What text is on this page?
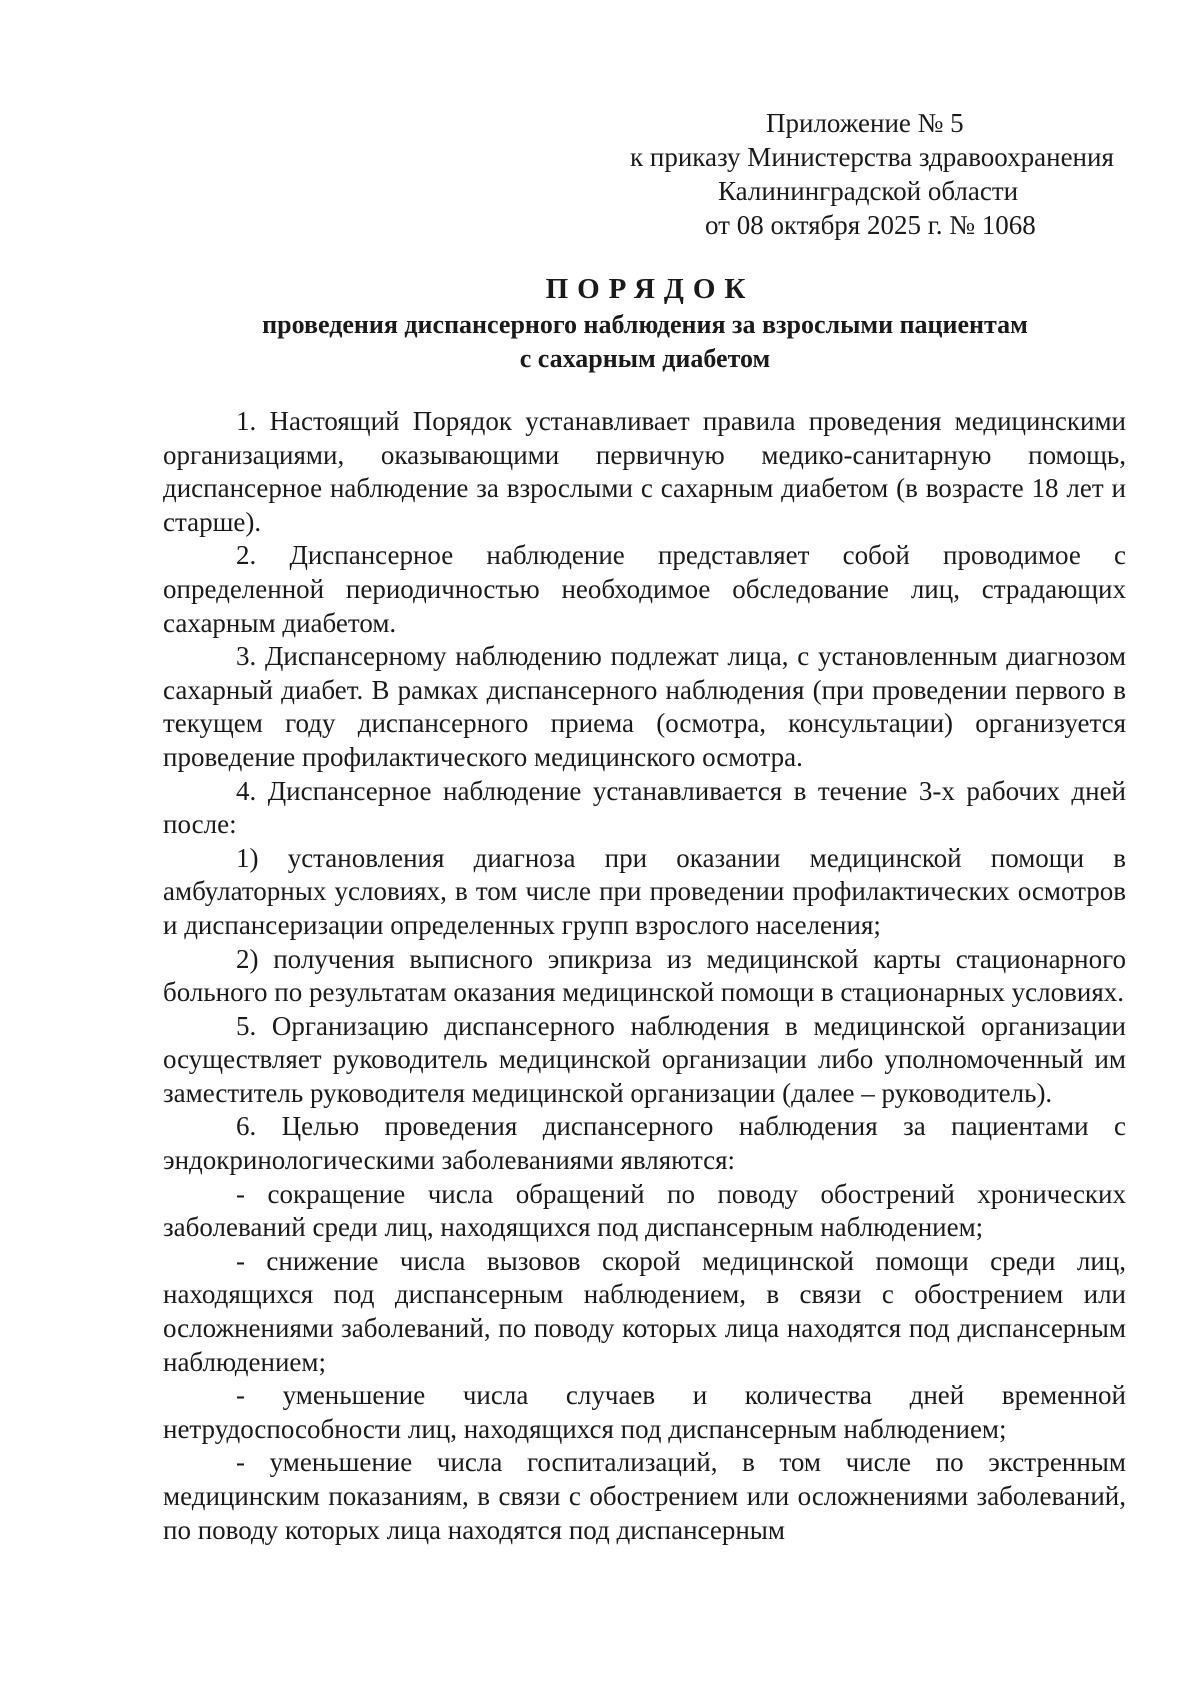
Приложение № 5
к приказу Министерства здравоохранения
Калининградской области
от 08 октября 2025 г. № 1068
ПОРЯДОК
проведения диспансерного наблюдения за взрослыми пациентам
с сахарным диабетом

1. Настоящий Порядок устанавливает правила проведения медицинскими организациями, оказывающими первичную медико-санитарную помощь, диспансерное наблюдение за взрослыми с сахарным диабетом (в возрасте 18 лет и старше).

2. Диспансерное наблюдение представляет собой проводимое с определенной периодичностью необходимое обследование лиц, страдающих сахарным диабетом.

3. Диспансерному наблюдению подлежат лица, с установленным диагнозом сахарный диабет. В рамках диспансерного наблюдения (при проведении первого в текущем году диспансерного приема (осмотра, консультации) организуется проведение профилактического медицинского осмотра.

4. Диспансерное наблюдение устанавливается в течение 3-х рабочих дней после:

1) установления диагноза при оказании медицинской помощи в амбулаторных условиях, в том числе при проведении профилактических осмотров и диспансеризации определенных групп взрослого населения;

2) получения выписного эпикриза из медицинской карты стационарного больного по результатам оказания медицинской помощи в стационарных условиях.

5. Организацию диспансерного наблюдения в медицинской организации осуществляет руководитель медицинской организации либо уполномоченный им заместитель руководителя медицинской организации (далее – руководитель).

6. Целью проведения диспансерного наблюдения за пациентами с эндокринологическими заболеваниями являются:

- сокращение числа обращений по поводу обострений хронических заболеваний среди лиц, находящихся под диспансерным наблюдением;

- снижение числа вызовов скорой медицинской помощи среди лиц, находящихся под диспансерным наблюдением, в связи с обострением или осложнениями заболеваний, по поводу которых лица находятся под диспансерным наблюдением;

- уменьшение числа случаев и количества дней временной нетрудоспособности лиц, находящихся под диспансерным наблюдением;

- уменьшение числа госпитализаций, в том числе по экстренным медицинским показаниям, в связи с обострением или осложнениями заболеваний, по поводу которых лица находятся под диспансерным
